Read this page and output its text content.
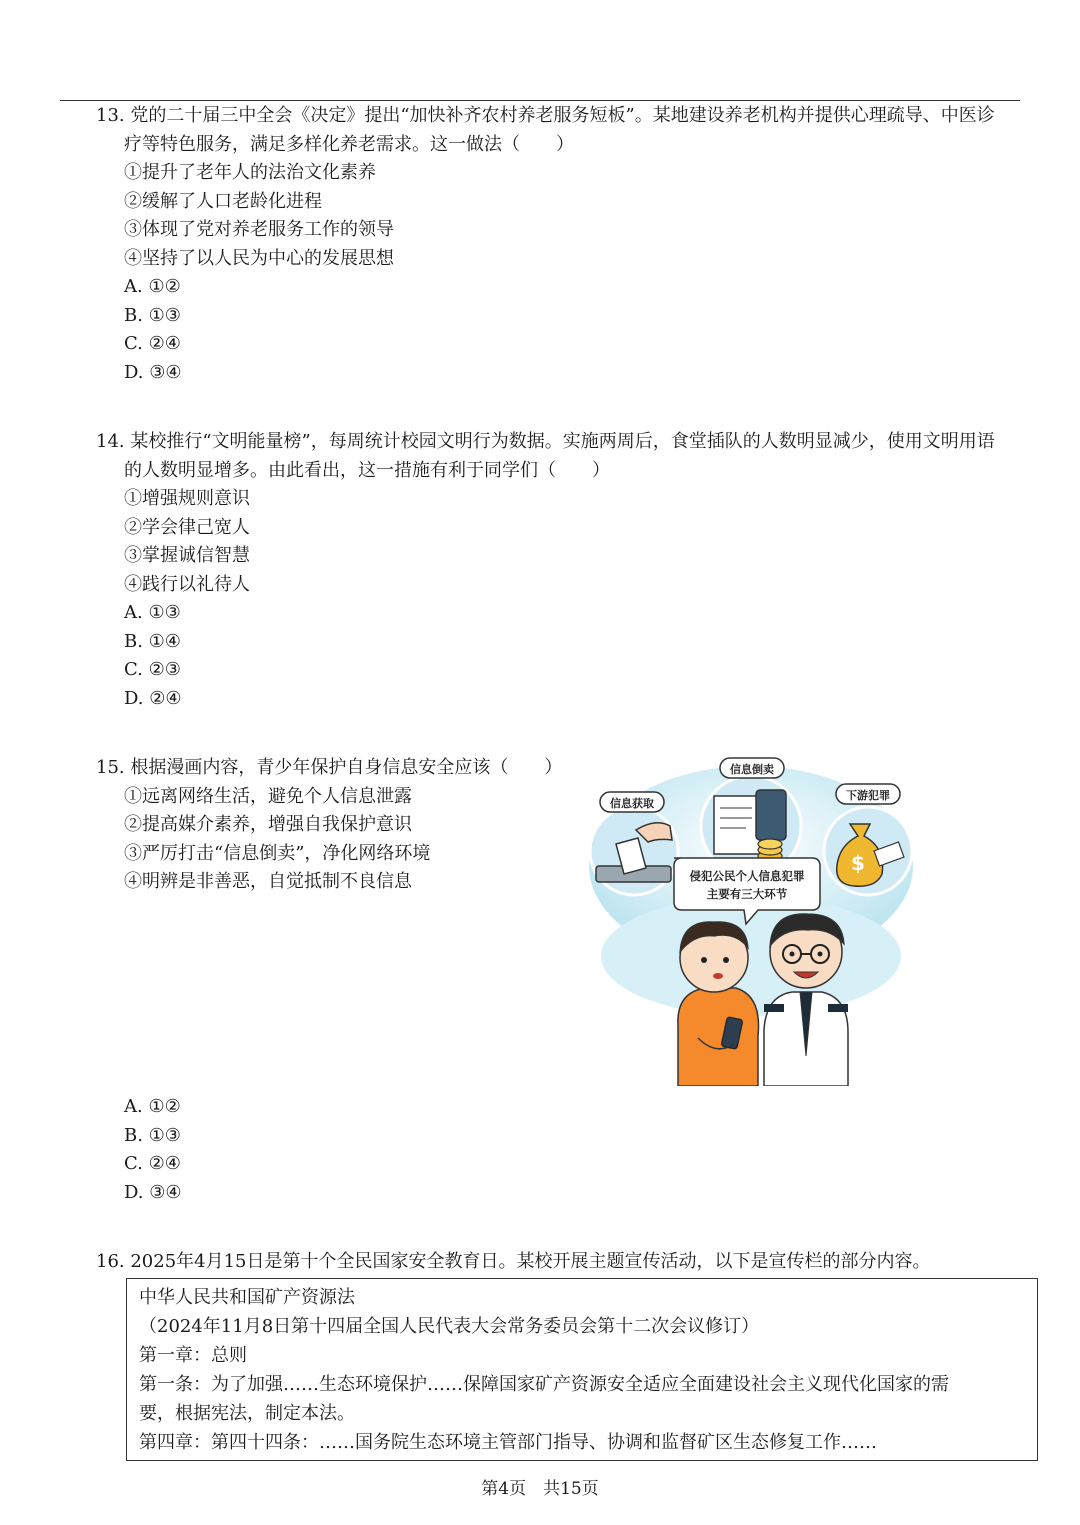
13. 党的二十届三中全会《决定》提出“加快补齐农村养老服务短板”。某地建设养老机构并提供心理疏导、中医诊
疗等特色服务，满足多样化养老需求。这一做法（　　）
①提升了老年人的法治文化素养
②缓解了人口老龄化进程
③体现了党对养老服务工作的领导
④坚持了以人民为中心的发展思想
A. ①②
B. ①③
C. ②④
D. ③④
14. 某校推行“文明能量榜”，每周统计校园文明行为数据。实施两周后，食堂插队的人数明显减少，使用文明用语
的人数明显增多。由此看出，这一措施有利于同学们（　　）
①增强规则意识
②学会律己宽人
③掌握诚信智慧
④践行以礼待人
A. ①③
B. ①④
C. ②③
D. ②④
15. 根据漫画内容，青少年保护自身信息安全应该（　　）
①远离网络生活，避免个人信息泄露
②提高媒介素养，增强自我保护意识
③严厉打击“信息倒卖”，净化网络环境
④明辨是非善恶，自觉抵制不良信息
A. ①②
B. ①③
C. ②④
D. ③④
信息获取
信息倒卖
下游犯罪
$
侵犯公民个人信息犯罪
主要有三大环节
16. 2025年4月15日是第十个全民国家安全教育日。某校开展主题宣传活动，以下是宣传栏的部分内容。
中华人民共和国矿产资源法
（2024年11月8日第十四届全国人民代表大会常务委员会第十二次会议修订）
第一章：总则
第一条：为了加强……生态环境保护……保障国家矿产资源安全适应全面建设社会主义现代化国家的需
要，根据宪法，制定本法。
第四章：第四十四条：……国务院生态环境主管部门指导、协调和监督矿区生态修复工作……
第4页　共15页
